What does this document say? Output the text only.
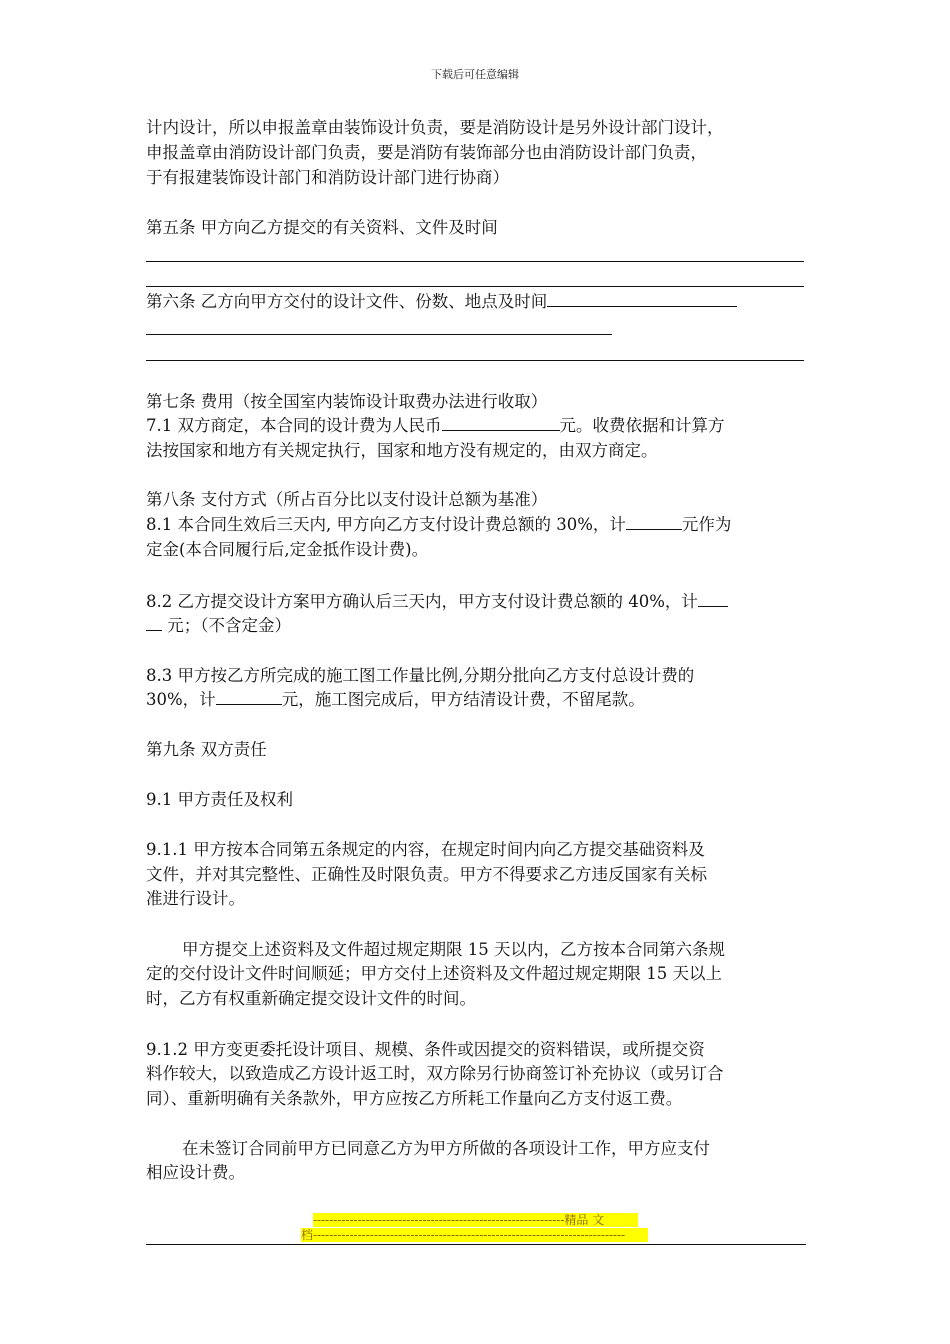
下载后可任意编辑
计内设计，所以申报盖章由装饰设计负责，要是消防设计是另外设计部门设计，
申报盖章由消防设计部门负责，要是消防有装饰部分也由消防设计部门负责，
于有报建装饰设计部门和消防设计部门进行协商）
第五条 甲方向乙方提交的有关资料、文件及时间
第六条 乙方向甲方交付的设计文件、份数、地点及时间
第七条 费用（按全国室内装饰设计取费办法进行收取）
7.1 双方商定，本合同的设计费为人民币	元。收费依据和计算方
法按国家和地方有关规定执行，国家和地方没有规定的，由双方商定。
第八条 支付方式（所占百分比以支付设计总额为基准）
8.1 本合同生效后三天内, 甲方向乙方支付设计费总额的 30%，计	元作为
定金(本合同履行后,定金抵作设计费)。
8.2 乙方提交设计方案甲方确认后三天内，甲方支付设计费总额的 40%，计
元；（不含定金）
8.3 甲方按乙方所完成的施工图工作量比例,分期分批向乙方支付总设计费的
30%，计	元，施工图完成后，甲方结清设计费，不留尾款。
第九条 双方责任
9.1 甲方责任及权利
9.1.1 甲方按本合同第五条规定的内容，在规定时间内向乙方提交基础资料及
文件，并对其完整性、正确性及时限负责。甲方不得要求乙方违反国家有关标
准进行设计。
甲方提交上述资料及文件超过规定期限 15 天以内，乙方按本合同第六条规
定的交付设计文件时间顺延；甲方交付上述资料及文件超过规定期限 15 天以上
时，乙方有权重新确定提交设计文件的时间。
9.1.2 甲方变更委托设计项目、规模、条件或因提交的资料错误，或所提交资
料作较大，以致造成乙方设计返工时，双方除另行协商签订补充协议（或另订合
同）、重新明确有关条款外，甲方应按乙方所耗工作量向乙方支付返工费。
在未签订合同前甲方已同意乙方为甲方所做的各项设计工作，甲方应支付
相应设计费。
--------------------------------------------------------------精品 文
档-----------------------------------------------------------------------------
